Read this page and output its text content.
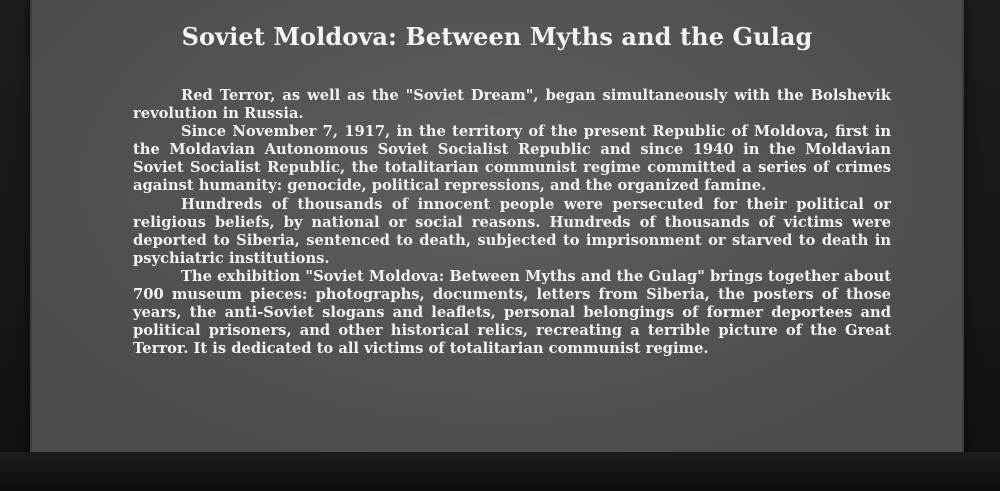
Soviet Moldova: Between Myths and the Gulag

Red Terror, as well as the "Soviet Dream", began simultaneously with the Bolshevik revolution in Russia.

Since November 7, 1917, in the territory of the present Republic of Moldova, first in the Moldavian Autonomous Soviet Socialist Republic and since 1940 in the Moldavian Soviet Socialist Republic, the totalitarian communist regime committed a series of crimes against humanity: genocide, political repressions, and the organized famine.

Hundreds of thousands of innocent people were persecuted for their political or religious beliefs, by national or social reasons. Hundreds of thousands of victims were deported to Siberia, sentenced to death, subjected to imprisonment or starved to death in psychiatric institutions.

The exhibition "Soviet Moldova: Between Myths and the Gulag" brings together about 700 museum pieces: photographs, documents, letters from Siberia, the posters of those years, the anti-Soviet slogans and leaflets, personal belongings of former deportees and political prisoners, and other historical relics, recreating a terrible picture of the Great Terror. It is dedicated to all victims of totalitarian communist regime.
